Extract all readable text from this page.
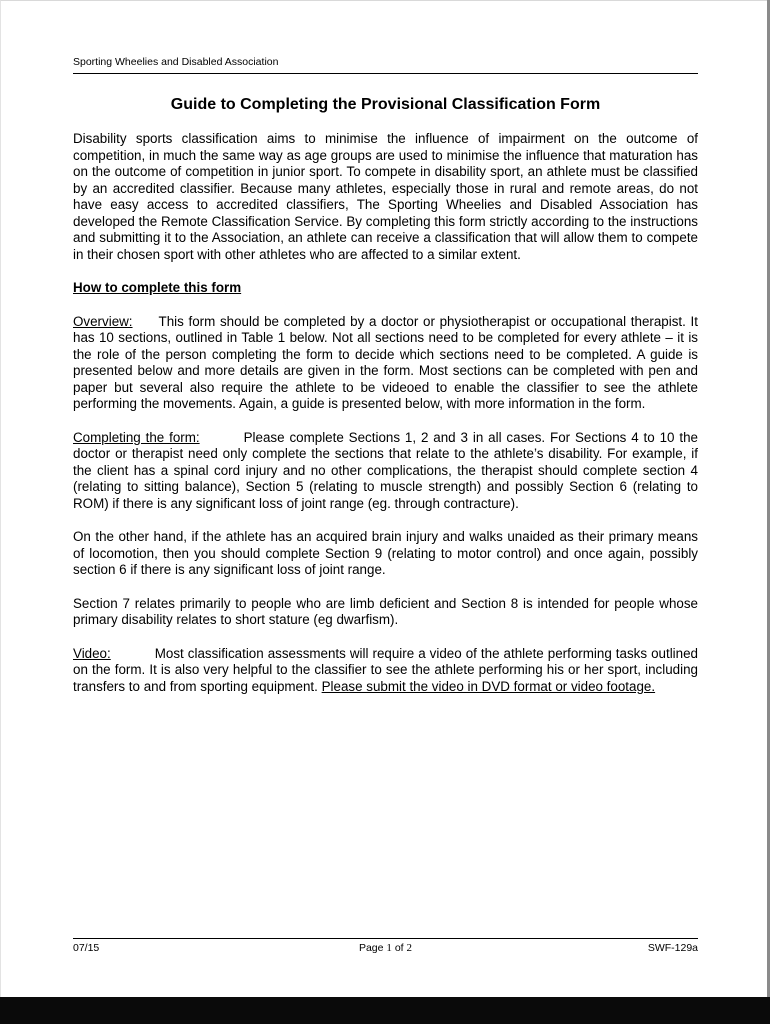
Sporting Wheelies and Disabled Association
Guide to Completing the Provisional Classification Form

Disability sports classification aims to minimise the influence of impairment on the outcome of competition, in much the same way as age groups are used to minimise the influence that maturation has on the outcome of competition in junior sport. To compete in disability sport, an athlete must be classified by an accredited classifier. Because many athletes, especially those in rural and remote areas, do not have easy access to accredited classifiers, The Sporting Wheelies and Disabled Association has developed the Remote Classification Service. By completing this form strictly according to the instructions and submitting it to the Association, an athlete can receive a classification that will allow them to compete in their chosen sport with other athletes who are affected to a similar extent.

How to complete this form

Overview: This form should be completed by a doctor or physiotherapist or occupational therapist. It has 10 sections, outlined in Table 1 below. Not all sections need to be completed for every athlete – it is the role of the person completing the form to decide which sections need to be completed. A guide is presented below and more details are given in the form. Most sections can be completed with pen and paper but several also require the athlete to be videoed to enable the classifier to see the athlete performing the movements. Again, a guide is presented below, with more information in the form.

Completing the form:	Please complete Sections 1, 2 and 3 in all cases. For Sections 4 to 10 the doctor or therapist need only complete the sections that relate to the athlete’s disability. For example, if the client has a spinal cord injury and no other complications, the therapist should complete section 4 (relating to sitting balance), Section 5 (relating to muscle strength) and possibly Section 6 (relating to ROM) if there is any significant loss of joint range (eg. through contracture).

On the other hand, if the athlete has an acquired brain injury and walks unaided as their primary means of locomotion, then you should complete Section 9 (relating to motor control) and once again, possibly section 6 if there is any significant loss of joint range.

Section 7 relates primarily to people who are limb deficient and Section 8 is intended for people whose primary disability relates to short stature (eg dwarfism).

Video:	Most classification assessments will require a video of the athlete performing tasks outlined on the form. It is also very helpful to the classifier to see the athlete performing his or her sport, including transfers to and from sporting equipment. Please submit the video in DVD format or video footage.

07/15	Page 1 of 2	SWF-129a
